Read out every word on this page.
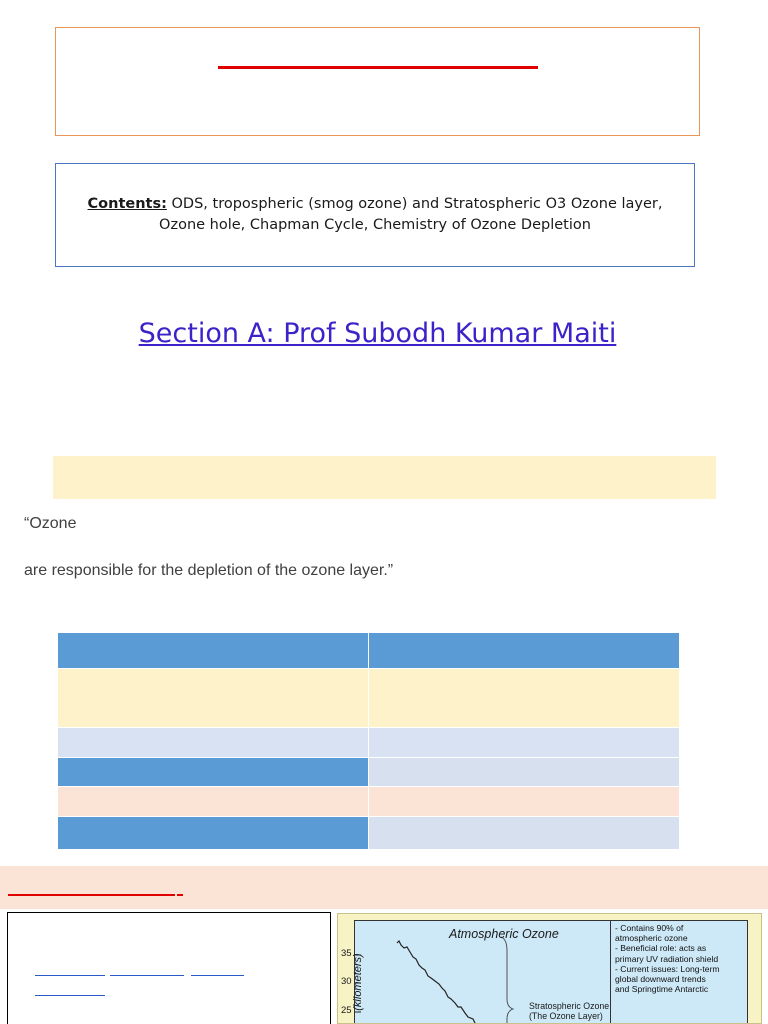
Contents: ODS, tropospheric (smog ozone) and Stratospheric O3 Ozone layer,
Ozone hole, Chapman Cycle, Chemistry of Ozone Depletion
Section A: Prof Subodh Kumar Maiti
“Ozone
are responsible for the depletion of the ozone layer.”

Atmospheric Ozone
(kilometers)
35
30
25	Stratospheric Ozone
(The Ozone Layer)
- Contains 90% of
atmospheric ozone
- Beneficial role: acts as
primary UV radiation shield
- Current issues: Long-term
global downward trends
and Springtime Antarctic
